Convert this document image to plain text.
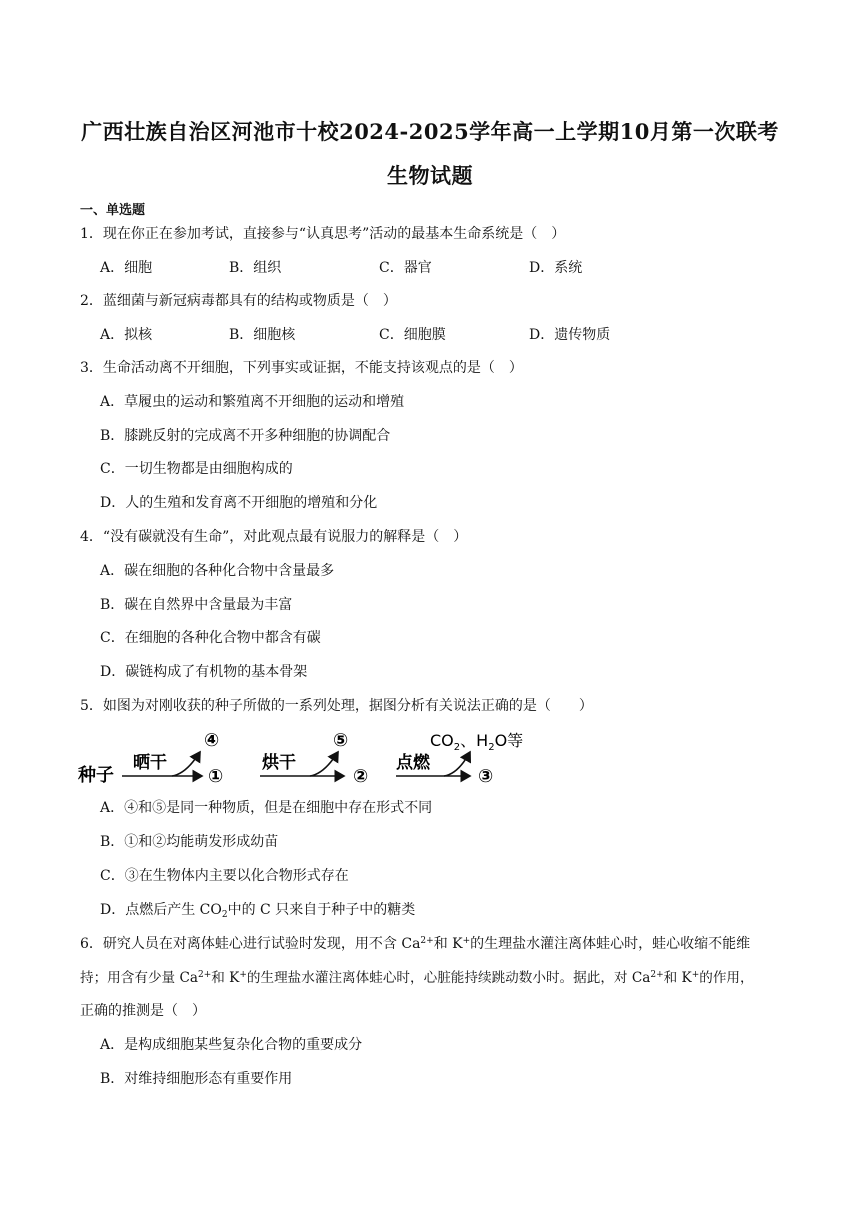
广西壮族自治区河池市十校2024-2025学年高一上学期10月第一次联考
生物试题
一、单选题
1．现在你正在参加考试，直接参与“认真思考”活动的最基本生命系统是（　）
A．细胞	B．组织	C．器官	D．系统
2．蓝细菌与新冠病毒都具有的结构或物质是（　）
A．拟核	B．细胞核	C．细胞膜	D．遗传物质
3．生命活动离不开细胞，下列事实或证据，不能支持该观点的是（　）
A．草履虫的运动和繁殖离不开细胞的运动和增殖
B．膝跳反射的完成离不开多种细胞的协调配合
C．一切生物都是由细胞构成的
D．人的生殖和发育离不开细胞的增殖和分化
4．“没有碳就没有生命”，对此观点最有说服力的解释是（　）
A．碳在细胞的各种化合物中含量最多
B．碳在自然界中含量最为丰富
C．在细胞的各种化合物中都含有碳
D．碳链构成了有机物的基本骨架
5．如图为对刚收获的种子所做的一系列处理，据图分析有关说法正确的是（　　）
种子
晒干
④
①
烘干
⑤
②
点燃
$CO_2$、$H_2O$等
③
A．④和⑤是同一种物质，但是在细胞中存在形式不同
B．①和②均能萌发形成幼苗
C．③在生物体内主要以化合物形式存在
D．点燃后产生 $CO_2$中的 C 只来自于种子中的糖类
6．研究人员在对离体蛙心进行试验时发现，用不含 $Ca^{2+}$和 K+的生理盐水灌注离体蛙心时，蛙心收缩不能维
持；用含有少量 $Ca^{2+}$和 K+的生理盐水灌注离体蛙心时，心脏能持续跳动数小时。据此，对 $Ca^{2+}$和 K+的作用，
正确的推测是（　）
A．是构成细胞某些复杂化合物的重要成分
B．对维持细胞形态有重要作用
